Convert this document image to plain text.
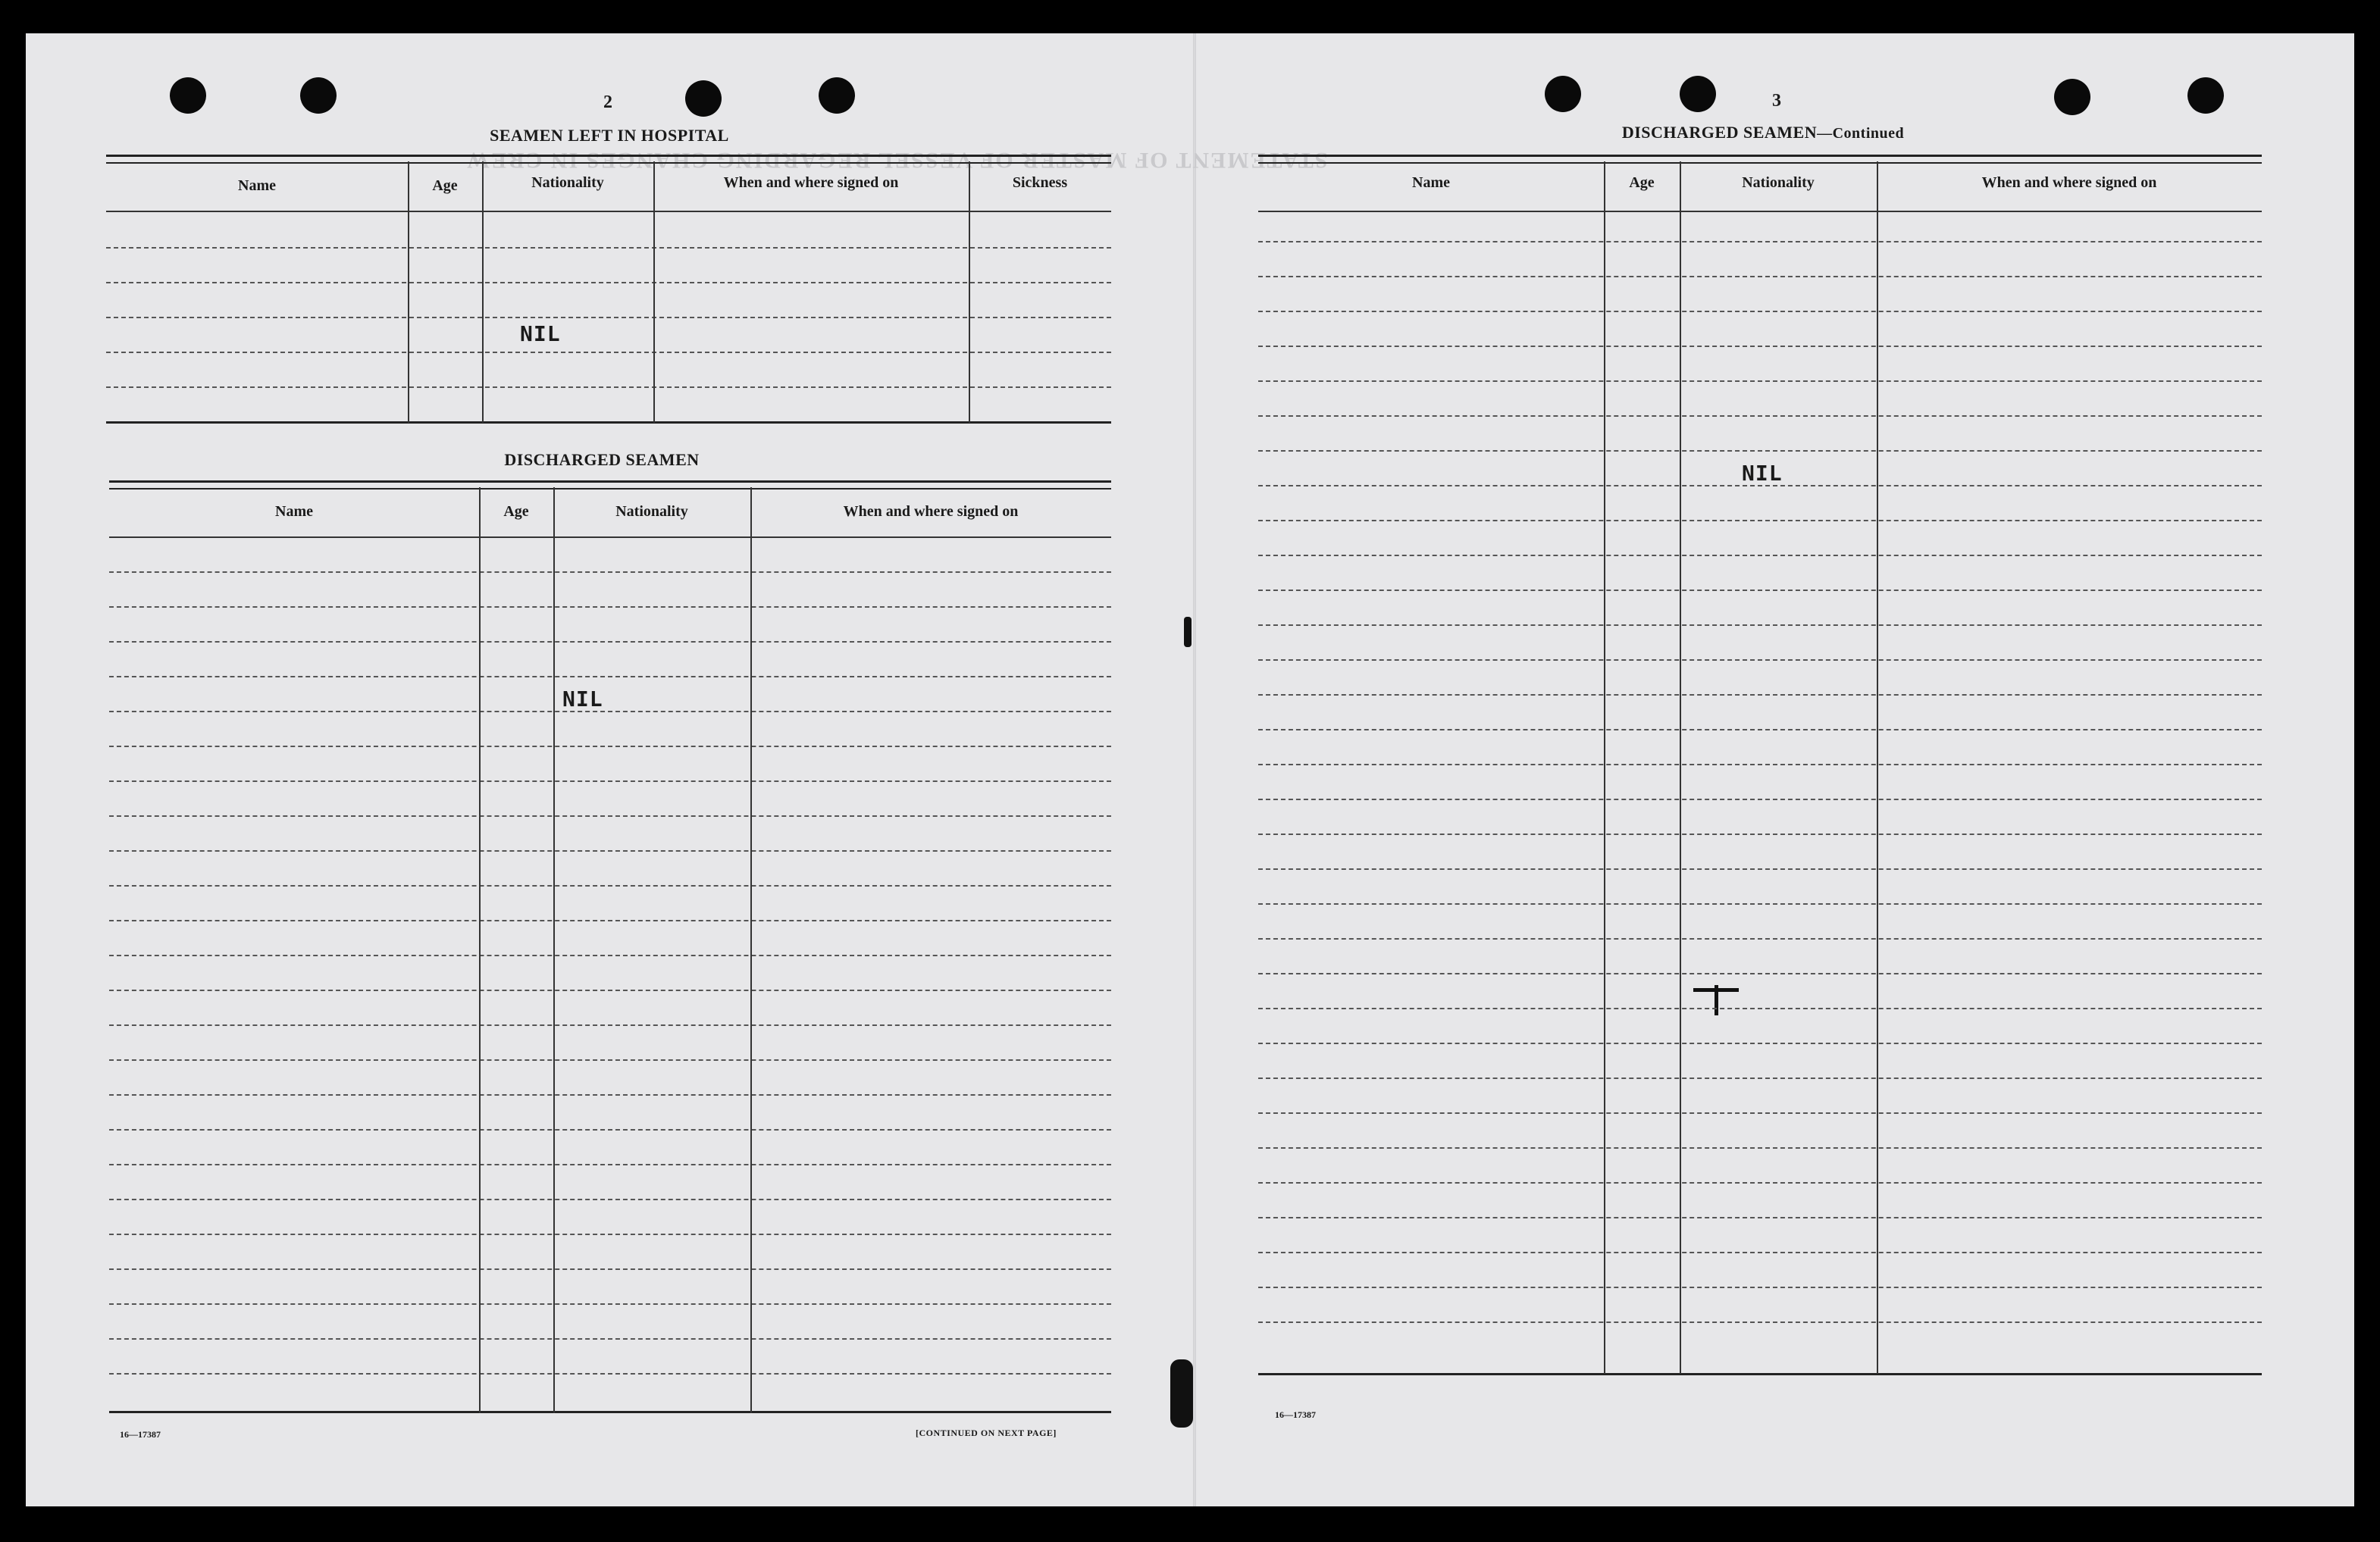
STATEMENT OF MASTER OF VESSEL REGARDING CHANGES IN CREW
2
SEAMEN LEFT IN HOSPITAL
Name	Age	Nationality	When and where signed on	Sickness
NIL
DISCHARGED SEAMEN
Name	Age	Nationality	When and where signed on
NIL
16—17387	[CONTINUED ON NEXT PAGE]
3
DISCHARGED SEAMEN—Continued
Name	Age	Nationality	When and where signed on
NIL
16—17387
